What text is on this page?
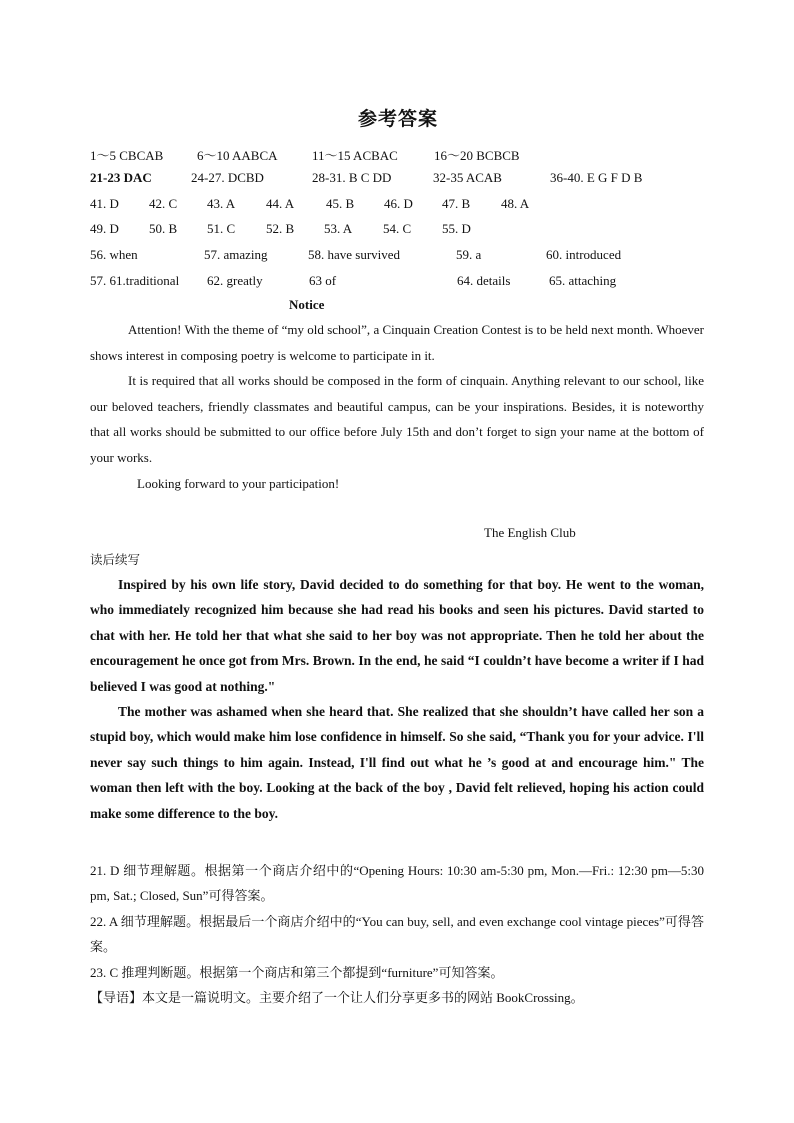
参考答案
1～5 CBCAB	6～10 AABCA	11～15 ACBAC	16～20 BCBCB
21-23 DAC	24-27. DCBD	28-31. B C DD	32-35 ACAB	36-40. E G F D B
41. D 42. C 43. A 44. A 45. B 46. D 47. B 48. A
49. D 50. B 51. C 52. B 53. A 54. C 55. D
56. when	57. amazing	58. have survived	59. a	60. introduced
57. 61.traditional 62. greatly	63 of	64. details	65. attaching
Notice

Attention! With the theme of “my old school”, a Cinquain Creation Contest is to be held next month. Whoever shows interest in composing poetry is welcome to participate in it.

It is required that all works should be composed in the form of cinquain. Anything relevant to our school, like our beloved teachers, friendly classmates and beautiful campus, can be your inspirations. Besides, it is noteworthy that all works should be submitted to our office before July 15th and don’t forget to sign your name at the bottom of your works.

Looking forward to your participation!

The English Club
读后续写

Inspired by his own life story, David decided to do something for that boy. He went to the woman, who immediately recognized him because she had read his books and seen his pictures. David started to chat with her. He told her that what she said to her boy was not appropriate. Then he told her about the encouragement he once got from Mrs. Brown. In the end, he said “I couldn’t have become a writer if I had believed I was good at nothing."

The mother was ashamed when she heard that. She realized that she shouldn’t have called her son a stupid boy, which would make him lose confidence in himself. So she said, “Thank you for your advice. I'll never say such things to him again. Instead, I'll find out what he ’s good at and encourage him." The woman then left with the boy. Looking at the back of the boy , David felt relieved, hoping his action could make some difference to the boy.

21. D 细节理解题。根据第一个商店介绍中的“Opening Hours: 10:30 am-5:30 pm, Mon.—Fri.: 12:30 pm—5:30 pm, Sat.; Closed, Sun”可得答案。

22. A 细节理解题。根据最后一个商店介绍中的“You can buy, sell, and even exchange cool vintage pieces”可得答案。

23. C 推理判断题。根据第一个商店和第三个都提到“furniture”可知答案。

【导语】本文是一篇说明文。主要介绍了一个让人们分享更多书的网站 BookCrossing。
